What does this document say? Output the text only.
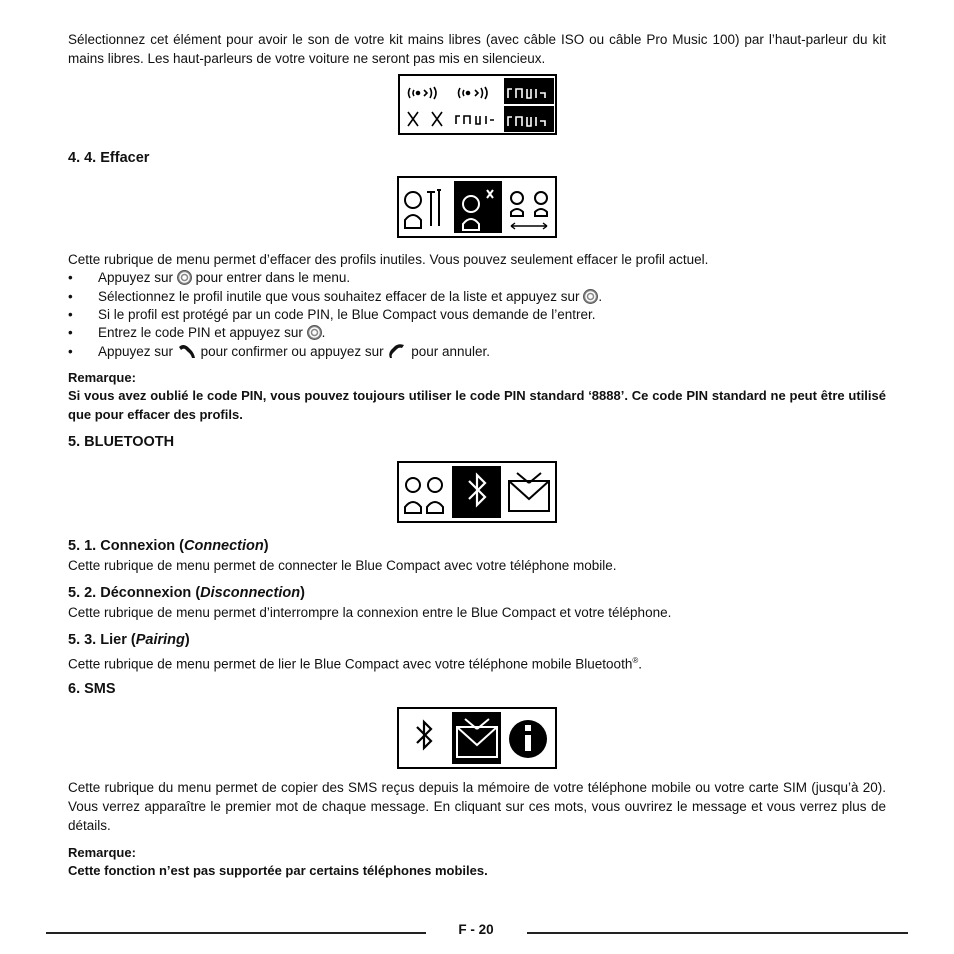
Sélectionnez cet élément pour avoir le son de votre kit mains libres (avec câble ISO ou câble Pro Music 100) par l’haut-parleur du kit mains libres. Les haut-parleurs de votre voiture ne seront pas mis en silencieux.

4. 4. Effacer

Cette rubrique de menu permet d’effacer des profils inutiles. Vous pouvez seulement effacer le profil actuel.

• Appuyez sur pour entrer dans le menu.
• Sélectionnez le profil inutile que vous souhaitez effacer de la liste et appuyez sur .
• Si le profil est protégé par un code PIN, le Blue Compact vous demande de l’entrer.
• Entrez le code PIN et appuyez sur .
• Appuyez sur pour confirmer ou appuyez sur pour annuler.
Remarque:

Si vous avez oublié le code PIN, vous pouvez toujours utiliser le code PIN standard ‘8888’. Ce code PIN standard ne peut être utilisé que pour effacer des profils.

5. BLUETOOTH
5. 1. Connexion (Connection)

Cette rubrique de menu permet de connecter le Blue Compact avec votre téléphone mobile.

5. 2. Déconnexion (Disconnection)

Cette rubrique de menu permet d’interrompre la connexion entre le Blue Compact et votre téléphone.

5. 3. Lier (Pairing)

Cette rubrique de menu permet de lier le Blue Compact avec votre téléphone mobile Bluetooth®.

6. SMS

Cette rubrique du menu permet de copier des SMS reçus depuis la mémoire de votre téléphone mobile ou votre carte SIM (jusqu’à 20). Vous verrez apparaître le premier mot de chaque message. En cliquant sur ces mots, vous ouvrirez le message et vous verrez plus de détails.

Remarque:
Cette fonction n’est pas supportée par certains téléphones mobiles.
F - 20
